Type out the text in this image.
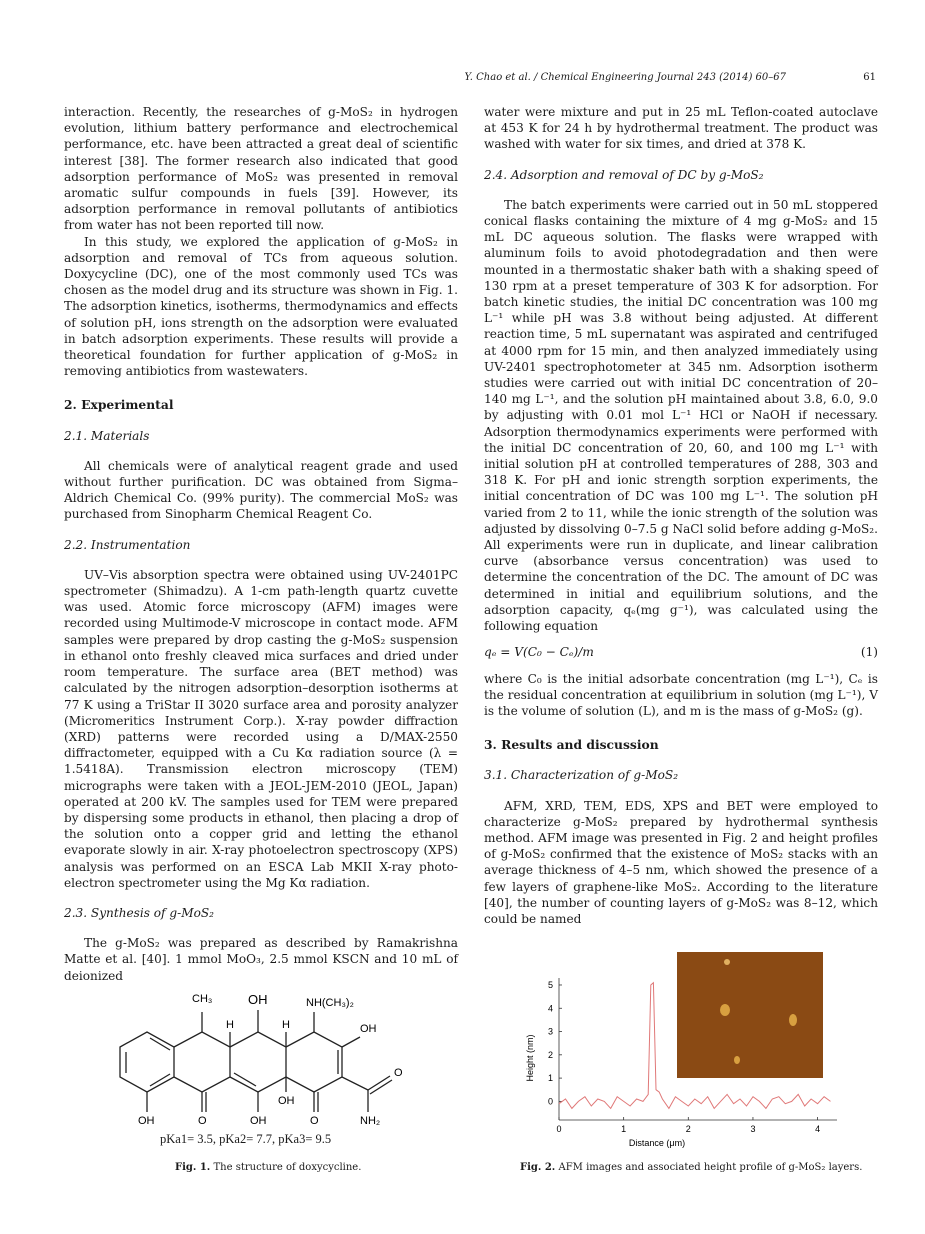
Y. Chao et al. / Chemical Engineering Journal 243 (2014) 60–67	61

interaction. Recently, the researches of g-MoS₂ in hydrogen evolution, lithium battery performance and electrochemical performance, etc. have been attracted a great deal of scientific interest [38]. The former research also indicated that good adsorption performance of MoS₂ was presented in removal aromatic sulfur compounds in fuels [39]. However, its adsorption performance in removal pollutants of antibiotics from water has not been reported till now.

In this study, we explored the application of g-MoS₂ in adsorption and removal of TCs from aqueous solution. Doxycycline (DC), one of the most commonly used TCs was chosen as the model drug and its structure was shown in Fig. 1. The adsorption kinetics, isotherms, thermodynamics and effects of solution pH, ions strength on the adsorption were evaluated in batch adsorption experiments. These results will provide a theoretical foundation for further application of g-MoS₂ in removing antibiotics from wastewaters.

2. Experimental
2.1. Materials

All chemicals were of analytical reagent grade and used without further purification. DC was obtained from Sigma–Aldrich Chemical Co. (99% purity). The commercial MoS₂ was purchased from Sinopharm Chemical Reagent Co.

2.2. Instrumentation

UV–Vis absorption spectra were obtained using UV-2401PC spectrometer (Shimadzu). A 1-cm path-length quartz cuvette was used. Atomic force microscopy (AFM) images were recorded using Multimode-V microscope in contact mode. AFM samples were prepared by drop casting the g-MoS₂ suspension in ethanol onto freshly cleaved mica surfaces and dried under room temperature. The surface area (BET method) was calculated by the nitrogen adsorption–desorption isotherms at 77 K using a TriStar II 3020 surface area and porosity analyzer (Micromeritics Instrument Corp.). X-ray powder diffraction (XRD) patterns were recorded using a D/MAX-2550 diffractometer, equipped with a Cu Kα radiation source (λ = 1.5418A). Transmission electron microscopy (TEM) micrographs were taken with a JEOL-JEM-2010 (JEOL, Japan) operated at 200 kV. The samples used for TEM were prepared by dispersing some products in ethanol, then placing a drop of the solution onto a copper grid and letting the ethanol evaporate slowly in air. X-ray photoelectron spectroscopy (XPS) analysis was performed on an ESCA Lab MKII X-ray photo-electron spectrometer using the Mg Kα radiation.

2.3. Synthesis of g-MoS₂

The g-MoS₂ was prepared as described by Ramakrishna Matte et al. [40]. 1 mmol MoO₃, 2.5 mmol KSCN and 10 mL of deionized

water were mixture and put in 25 mL Teflon-coated autoclave at 453 K for 24 h by hydrothermal treatment. The product was washed with water for six times, and dried at 378 K.

2.4. Adsorption and removal of DC by g-MoS₂

The batch experiments were carried out in 50 mL stoppered conical flasks containing the mixture of 4 mg g-MoS₂ and 15 mL DC aqueous solution. The flasks were wrapped with aluminum foils to avoid photodegradation and then were mounted in a thermostatic shaker bath with a shaking speed of 130 rpm at a preset temperature of 303 K for adsorption. For batch kinetic studies, the initial DC concentration was 100 mg L⁻¹ while pH was 3.8 without being adjusted. At different reaction time, 5 mL supernatant was aspirated and centrifuged at 4000 rpm for 15 min, and then analyzed immediately using UV-2401 spectrophotometer at 345 nm. Adsorption isotherm studies were carried out with initial DC concentration of 20–140 mg L⁻¹, and the solution pH maintained about 3.8, 6.0, 9.0 by adjusting with 0.01 mol L⁻¹ HCl or NaOH if necessary. Adsorption thermodynamics experiments were performed with the initial DC concentration of 20, 60, and 100 mg L⁻¹ with initial solution pH at controlled temperatures of 288, 303 and 318 K. For pH and ionic strength sorption experiments, the initial concentration of DC was 100 mg L⁻¹. The solution pH varied from 2 to 11, while the ionic strength of the solution was adjusted by dissolving 0–7.5 g NaCl solid before adding g-MoS₂. All experiments were run in duplicate, and linear calibration curve (absorbance versus concentration) was used to determine the concentration of the DC. The amount of DC was determined in initial and equilibrium solutions, and the adsorption capacity, qₑ(mg g⁻¹), was calculated using the following equation

qₑ = V(C₀ − Cₑ)/m	(1)

where C₀ is the initial adsorbate concentration (mg L⁻¹), Cₑ is the residual concentration at equilibrium in solution (mg L⁻¹), V is the volume of solution (L), and m is the mass of g-MoS₂ (g).

3. Results and discussion
3.1. Characterization of g-MoS₂

AFM, XRD, TEM, EDS, XPS and BET were employed to characterize g-MoS₂ prepared by hydrothermal synthesis method. AFM image was presented in Fig. 2 and height profiles of g-MoS₂ confirmed that the existence of MoS₂ stacks with an average thickness of 4–5 nm, which showed the presence of a few layers of graphene-like MoS₂. According to the literature [40], the number of counting layers of g-MoS₂ was 8–12, which could be named

CH₃	OH	NH(CH₃)₂
H	H	OH
O
OH
OH	O	OH	O	NH₂
pKa1= 3.5, pKa2= 7.7, pKa3= 9.5
Fig. 1. The structure of doxycycline.
0	1	2	3	4
0
1
2
3
4
5
Distance (μm)
Height (nm)
Fig. 2. AFM images and associated height profile of g-MoS₂ layers.
